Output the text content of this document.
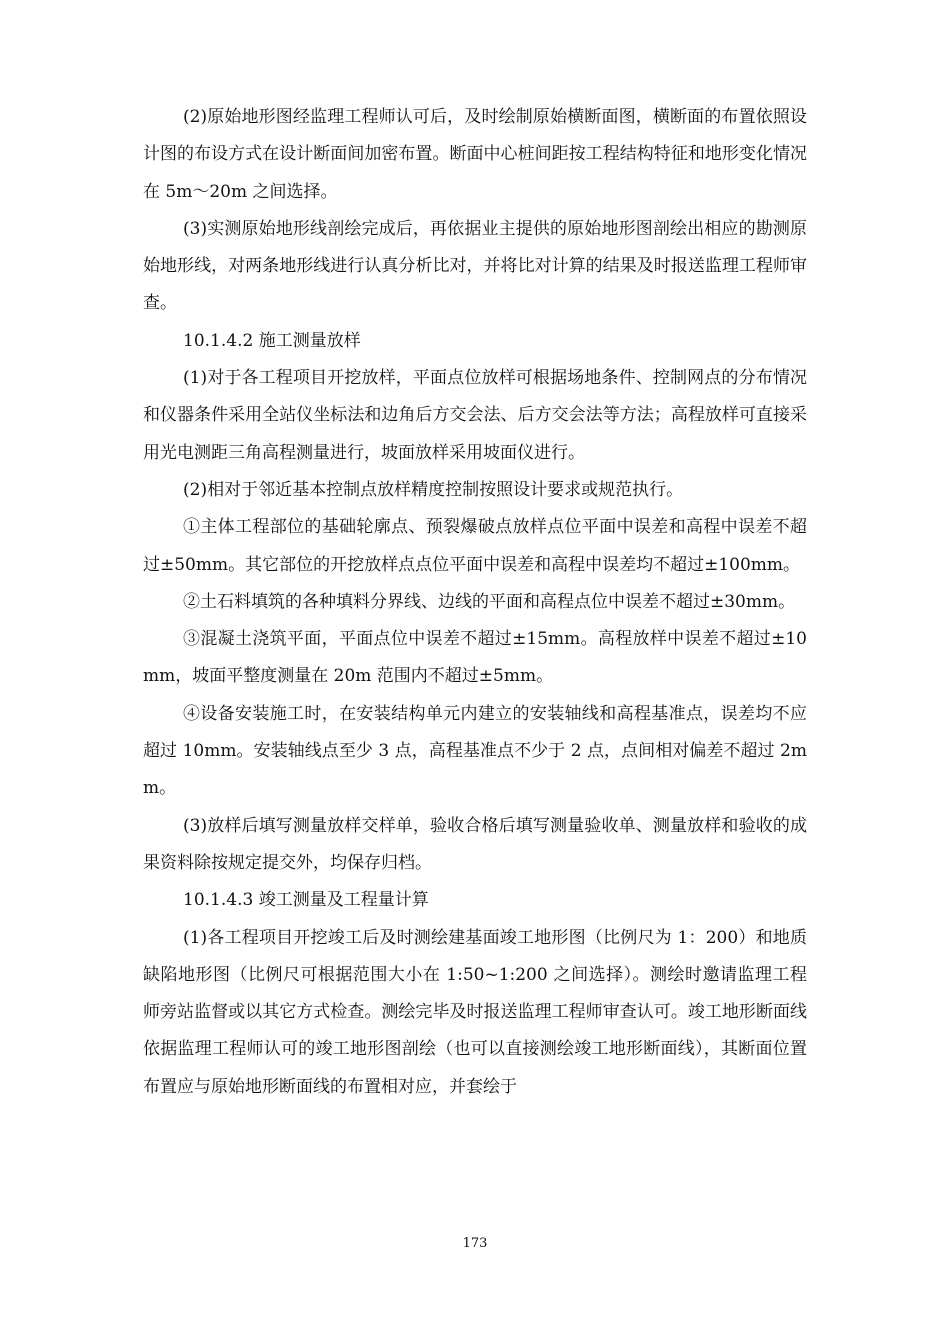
(2)原始地形图经监理工程师认可后，及时绘制原始横断面图，横断面的布置依照设计图的布设方式在设计断面间加密布置。断面中心桩间距按工程结构特征和地形变化情况在 5m～20m 之间选择。

(3)实测原始地形线剖绘完成后，再依据业主提供的原始地形图剖绘出相应的勘测原始地形线，对两条地形线进行认真分析比对，并将比对计算的结果及时报送监理工程师审查。

10.1.4.2 施工测量放样

(1)对于各工程项目开挖放样，平面点位放样可根据场地条件、控制网点的分布情况和仪器条件采用全站仪坐标法和边角后方交会法、后方交会法等方法；高程放样可直接采用光电测距三角高程测量进行，坡面放样采用坡面仪进行。

(2)相对于邻近基本控制点放样精度控制按照设计要求或规范执行。

①主体工程部位的基础轮廓点、预裂爆破点放样点位平面中误差和高程中误差不超过±50mm。其它部位的开挖放样点点位平面中误差和高程中误差均不超过±100mm。

②土石料填筑的各种填料分界线、边线的平面和高程点位中误差不超过±30mm。

③混凝土浇筑平面，平面点位中误差不超过±15mm。高程放样中误差不超过±10mm，坡面平整度测量在 20m 范围内不超过±5mm。

④设备安装施工时，在安装结构单元内建立的安装轴线和高程基准点，误差均不应超过 10mm。安装轴线点至少 3 点，高程基准点不少于 2 点，点间相对偏差不超过 2mm。

(3)放样后填写测量放样交样单，验收合格后填写测量验收单、测量放样和验收的成果资料除按规定提交外，均保存归档。

10.1.4.3 竣工测量及工程量计算

(1)各工程项目开挖竣工后及时测绘建基面竣工地形图（比例尺为 1：200）和地质缺陷地形图（比例尺可根据范围大小在 1:50~1:200 之间选择）。测绘时邀请监理工程师旁站监督或以其它方式检查。测绘完毕及时报送监理工程师审查认可。竣工地形断面线依据监理工程师认可的竣工地形图剖绘（也可以直接测绘竣工地形断面线），其断面位置布置应与原始地形断面线的布置相对应，并套绘于

173
